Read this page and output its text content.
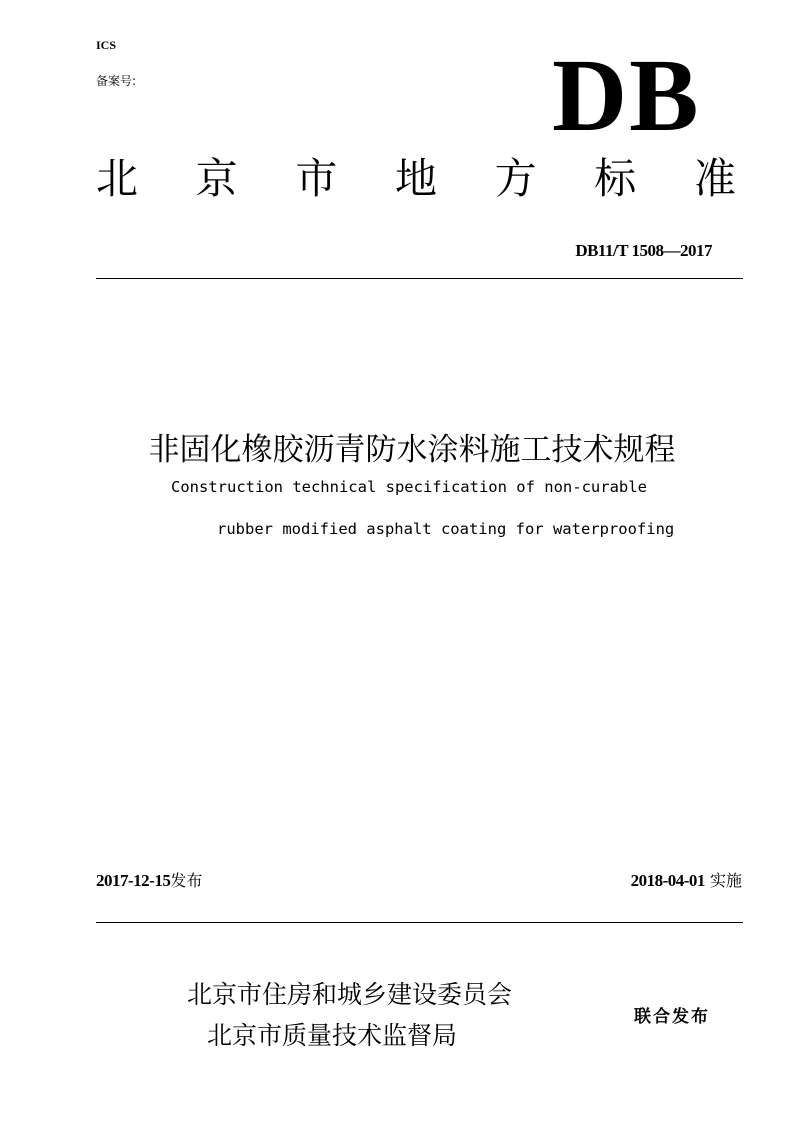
ICS
备案号:	DB
北 京 市 地 方 标 准
DB11/T 1508—2017
非固化橡胶沥青防水涂料施工技术规程
Construction technical specification of non-curable
rubber modified asphalt coating for waterproofing
2017-12-15发布	2018-04-01 实施
北京市住房和城乡建设委员会
北京市质量技术监督局
联合发布
